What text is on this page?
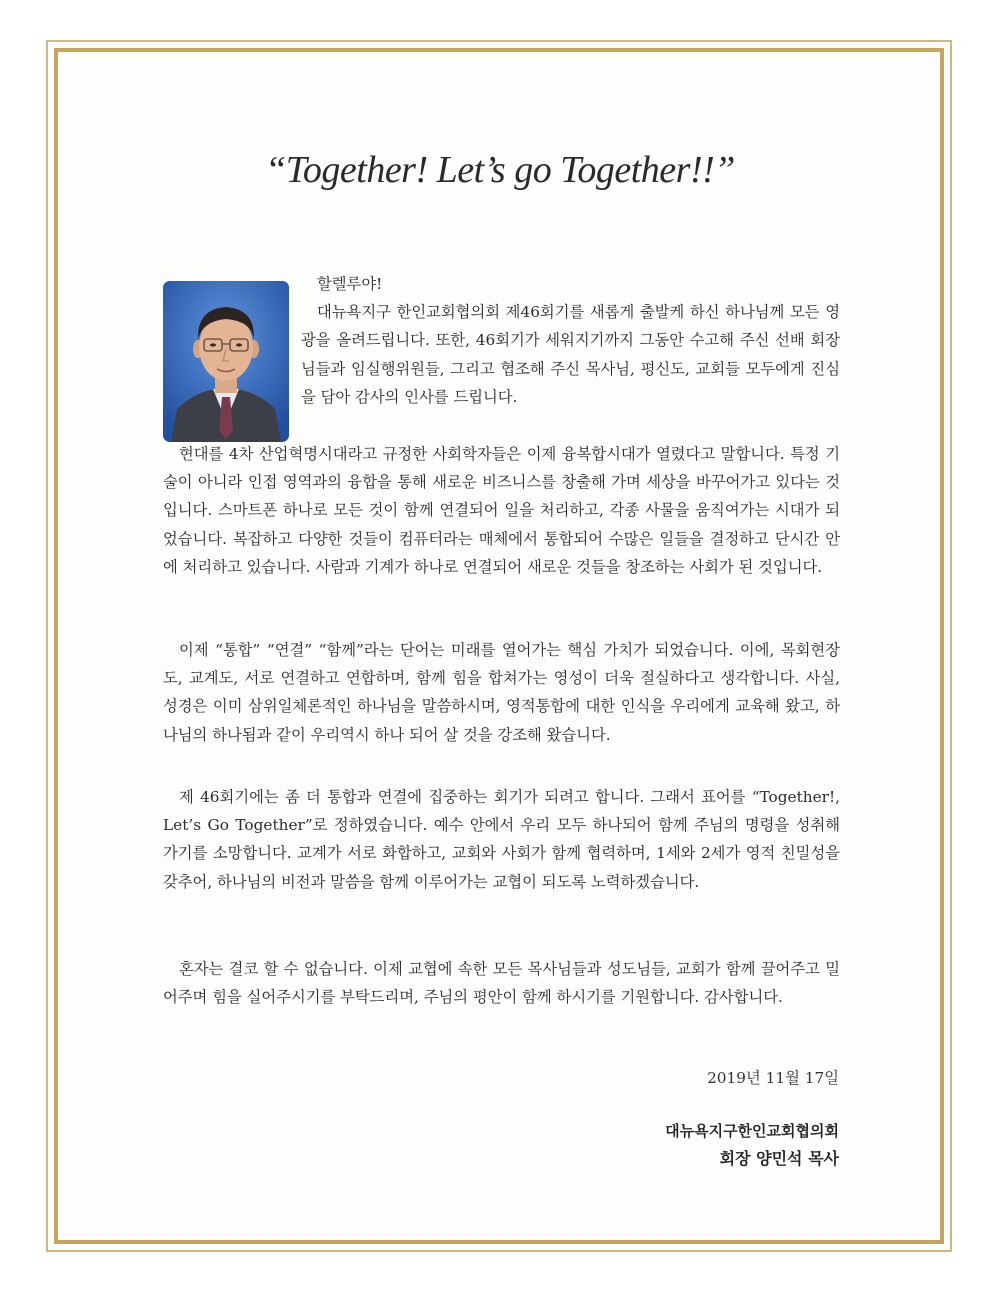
“Together! Let’s go Together!!”

할렐루야!

대뉴욕지구 한인교회협의회 제46회기를 새롭게 출발케 하신 하나님께 모든 영광을 올려드립니다. 또한, 46회기가 세워지기까지 그동안 수고해 주신 선배 회장님들과 임실행위원들, 그리고 협조해 주신 목사님, 평신도, 교회들 모두에게 진심을 담아 감사의 인사를 드립니다.

현대를 4차 산업혁명시대라고 규정한 사회학자들은 이제 융복합시대가 열렸다고 말합니다. 특정 기술이 아니라 인접 영역과의 융합을 통해 새로운 비즈니스를 창출해 가며 세상을 바꾸어가고 있다는 것입니다. 스마트폰 하나로 모든 것이 함께 연결되어 일을 처리하고, 각종 사물을 움직여가는 시대가 되었습니다. 복잡하고 다양한 것들이 컴퓨터라는 매체에서 통합되어 수많은 일들을 결정하고 단시간 안에 처리하고 있습니다. 사람과 기계가 하나로 연결되어 새로운 것들을 창조하는 사회가 된 것입니다.

이제 “통합” “연결” “함께”라는 단어는 미래를 열어가는 핵심 가치가 되었습니다. 이에, 목회현장도, 교계도, 서로 연결하고 연합하며, 함께 힘을 합쳐가는 영성이 더욱 절실하다고 생각합니다. 사실, 성경은 이미 삼위일체론적인 하나님을 말씀하시며, 영적통합에 대한 인식을 우리에게 교육해 왔고, 하나님의 하나됨과 같이 우리역시 하나 되어 살 것을 강조해 왔습니다.

제 46회기에는 좀 더 통합과 연결에 집중하는 회기가 되려고 합니다. 그래서 표어를 “Together!, Let’s Go Together”로 정하였습니다. 예수 안에서 우리 모두 하나되어 함께 주님의 명령을 성취해 가기를 소망합니다. 교계가 서로 화합하고, 교회와 사회가 함께 협력하며, 1세와 2세가 영적 친밀성을 갖추어, 하나님의 비전과 말씀을 함께 이루어가는 교협이 되도록 노력하겠습니다.

혼자는 결코 할 수 없습니다. 이제 교협에 속한 모든 목사님들과 성도님들, 교회가 함께 끌어주고 밀어주며 힘을 실어주시기를 부탁드리며, 주님의 평안이 함께 하시기를 기원합니다. 감사합니다.

2019년 11월 17일
대뉴욕지구한인교회협의회
회장 양민석 목사
